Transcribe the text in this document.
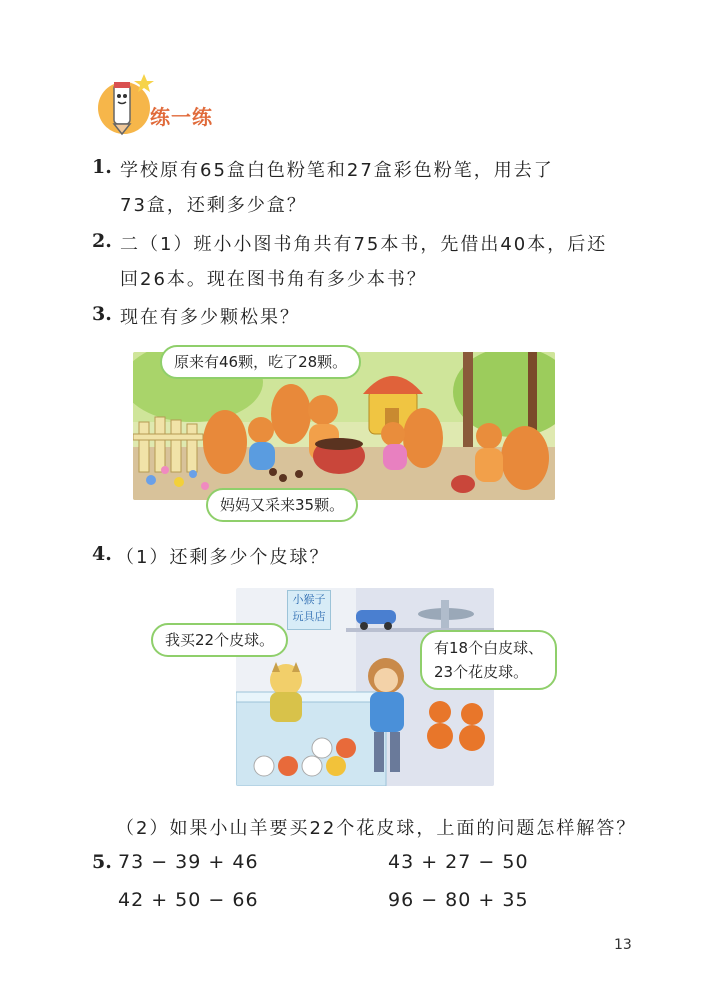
练一练
1. 学校原有65盒白色粉笔和27盒彩色粉笔，用去了
73盒，还剩多少盒？
2. 二（1）班小小图书角共有75本书，先借出40本，后还
回26本。现在图书角有多少本书？
3. 现在有多少颗松果？
原来有46颗，吃了28颗。
妈妈又采来35颗。
4. （1）还剩多少个皮球？
小猴子
玩具店
我买22个皮球。	有18个白皮球、
23个花皮球。
（2）如果小山羊要买22个花皮球，上面的问题怎样解答？
5. 73 − 39 + 46	43 + 27 − 50
42 + 50 − 66	96 − 80 + 35
13
